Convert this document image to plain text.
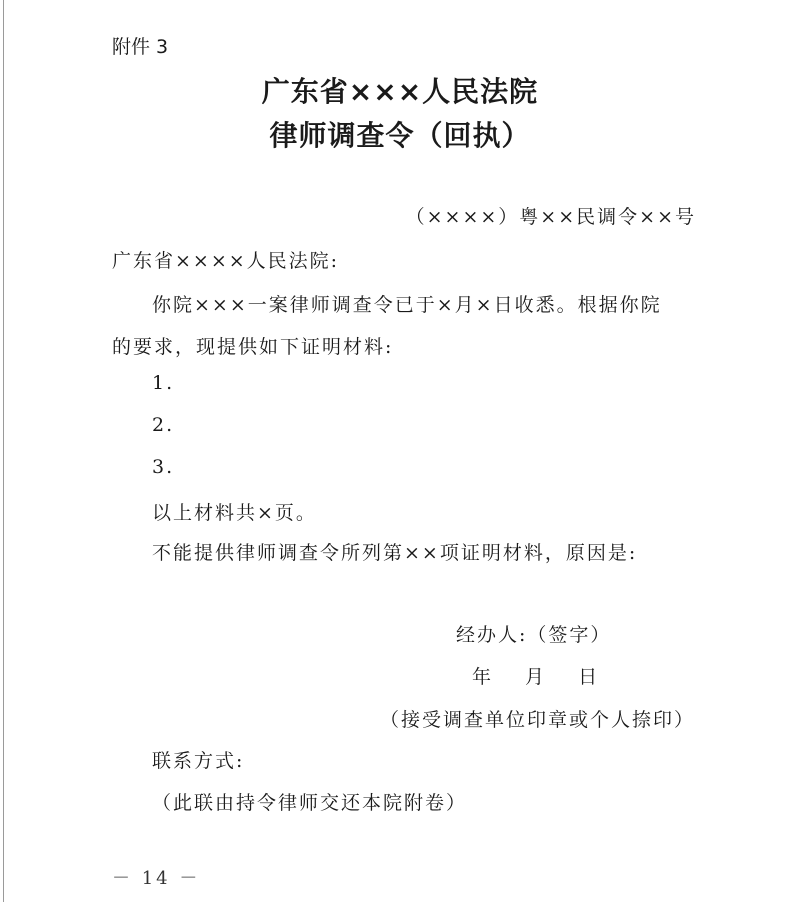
附件 3
广东省×××人民法院
律师调查令（回执）
（××××）粤××民调令××号
广东省××××人民法院:
你院×××一案律师调查令已于×月×日收悉。根据你院
的要求，现提供如下证明材料:
1.
2.
3.
以上材料共×页。
不能提供律师调查令所列第××项证明材料，原因是:
经办人:（签字）
年 月 日
（接受调查单位印章或个人捺印）
联系方式:
（此联由持令律师交还本院附卷）
－ 14 －
